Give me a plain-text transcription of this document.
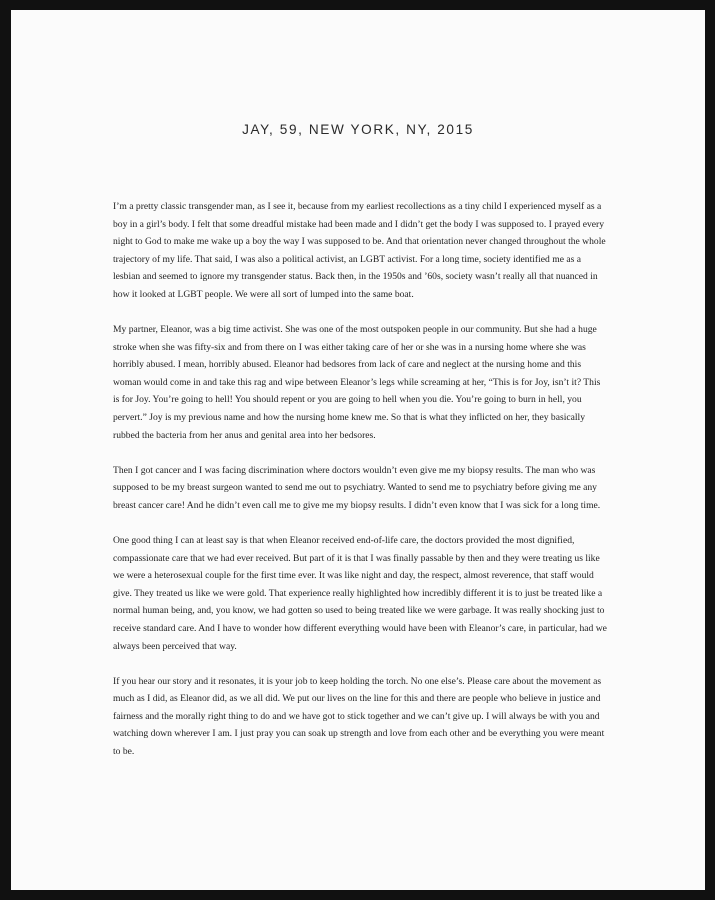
JAY, 59, NEW YORK, NY, 2015

I’m a pretty classic transgender man, as I see it, because from my earliest recollections as a tiny child I experienced myself as a boy in a girl’s body. I felt that some dreadful mistake had been made and I didn’t get the body I was supposed to. I prayed every night to God to make me wake up a boy the way I was supposed to be. And that orientation never changed throughout the whole trajectory of my life. That said, I was also a political activist, an LGBT activist. For a long time, society identified me as a lesbian and seemed to ignore my transgender status. Back then, in the 1950s and ’60s, society wasn’t really all that nuanced in how it looked at LGBT people. We were all sort of lumped into the same boat.

My partner, Eleanor, was a big time activist. She was one of the most outspoken people in our community. But she had a huge stroke when she was fifty-six and from there on I was either taking care of her or she was in a nursing home where she was horribly abused. I mean, horribly abused. Eleanor had bedsores from lack of care and neglect at the nursing home and this woman would come in and take this rag and wipe between Eleanor’s legs while screaming at her, “This is for Joy, isn’t it? This is for Joy. You’re going to hell! You should repent or you are going to hell when you die. You’re going to burn in hell, you pervert.” Joy is my previous name and how the nursing home knew me. So that is what they inflicted on her, they basically rubbed the bacteria from her anus and genital area into her bedsores.

Then I got cancer and I was facing discrimination where doctors wouldn’t even give me my biopsy results. The man who was supposed to be my breast surgeon wanted to send me out to psychiatry. Wanted to send me to psychiatry before giving me any breast cancer care! And he didn’t even call me to give me my biopsy results. I didn’t even know that I was sick for a long time.

One good thing I can at least say is that when Eleanor received end-of-life care, the doctors provided the most dignified, compassionate care that we had ever received. But part of it is that I was finally passable by then and they were treating us like we were a heterosexual couple for the first time ever. It was like night and day, the respect, almost reverence, that staff would give. They treated us like we were gold. That experience really highlighted how incredibly different it is to just be treated like a normal human being, and, you know, we had gotten so used to being treated like we were garbage. It was really shocking just to receive standard care. And I have to wonder how different everything would have been with Eleanor’s care, in particular, had we always been perceived that way.

If you hear our story and it resonates, it is your job to keep holding the torch. No one else’s. Please care about the movement as much as I did, as Eleanor did, as we all did. We put our lives on the line for this and there are people who believe in justice and fairness and the morally right thing to do and we have got to stick together and we can’t give up. I will always be with you and watching down wherever I am. I just pray you can soak up strength and love from each other and be everything you were meant to be.
